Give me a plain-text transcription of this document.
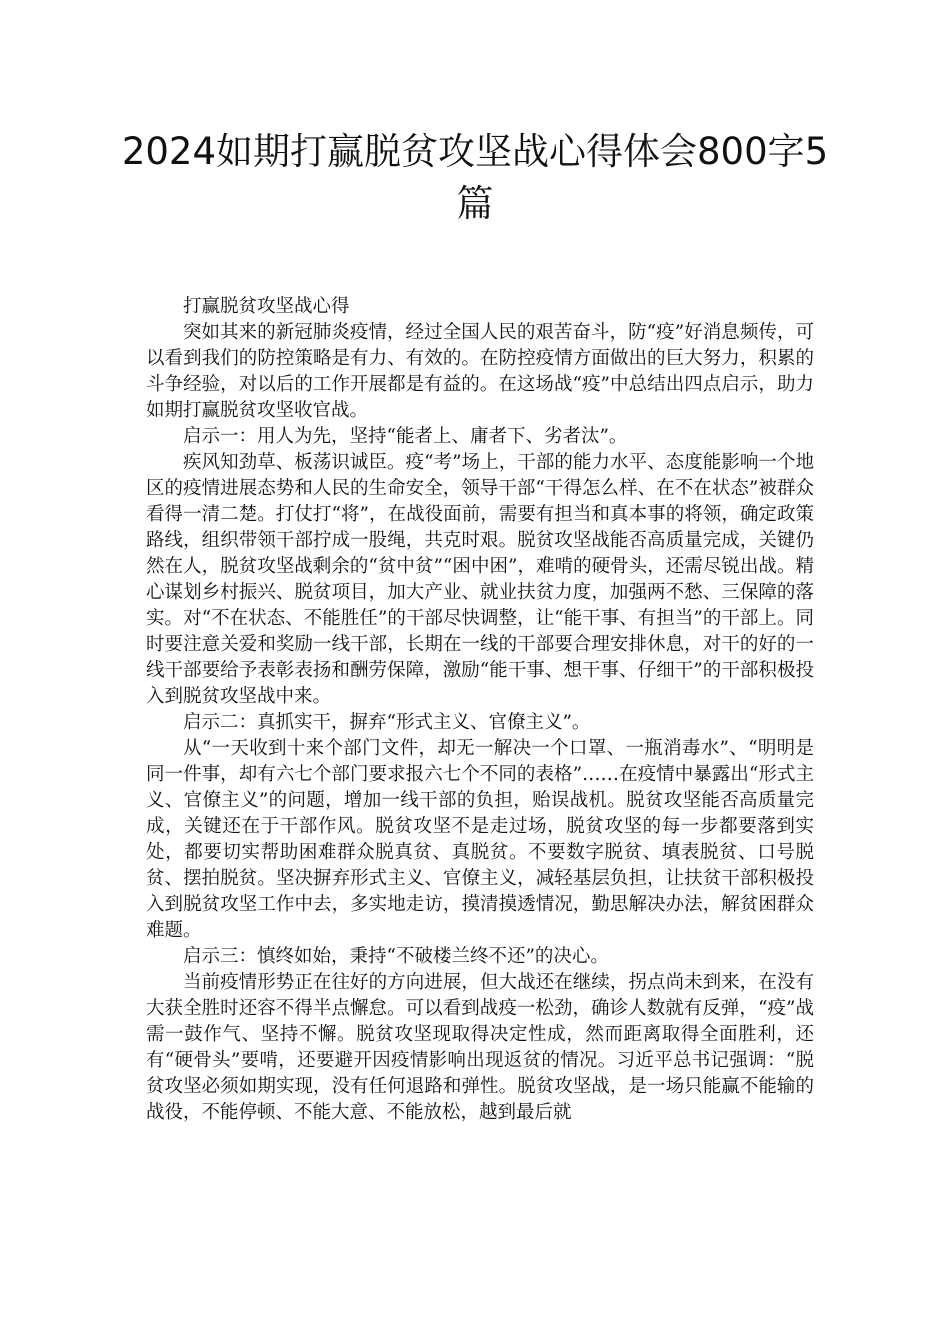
2024如期打赢脱贫攻坚战心得体会800字5篇

打赢脱贫攻坚战心得

突如其来的新冠肺炎疫情，经过全国人民的艰苦奋斗，防“疫”好消息频传，可以看到我们的防控策略是有力、有效的。在防控疫情方面做出的巨大努力，积累的斗争经验，对以后的工作开展都是有益的。在这场战“疫”中总结出四点启示，助力如期打赢脱贫攻坚收官战。

启示一：用人为先，坚持“能者上、庸者下、劣者汰”。

疾风知劲草、板荡识诚臣。疫“考”场上，干部的能力水平、态度能影响一个地区的疫情进展态势和人民的生命安全，领导干部“干得怎么样、在不在状态”被群众看得一清二楚。打仗打“将”，在战役面前，需要有担当和真本事的将领，确定政策路线，组织带领干部拧成一股绳，共克时艰。脱贫攻坚战能否高质量完成，关键仍然在人，脱贫攻坚战剩余的“贫中贫”“困中困”，难啃的硬骨头，还需尽锐出战。精心谋划乡村振兴、脱贫项目，加大产业、就业扶贫力度，加强两不愁、三保障的落实。对“不在状态、不能胜任”的干部尽快调整，让“能干事、有担当”的干部上。同时要注意关爱和奖励一线干部，长期在一线的干部要合理安排休息，对干的好的一线干部要给予表彰表扬和酬劳保障，激励“能干事、想干事、仔细干”的干部积极投入到脱贫攻坚战中来。

启示二：真抓实干，摒弃“形式主义、官僚主义”。

从“一天收到十来个部门文件，却无一解决一个口罩、一瓶消毒水”、“明明是同一件事，却有六七个部门要求报六七个不同的表格”……在疫情中暴露出“形式主义、官僚主义”的问题，增加一线干部的负担，贻误战机。脱贫攻坚能否高质量完成，关键还在于干部作风。脱贫攻坚不是走过场，脱贫攻坚的每一步都要落到实处，都要切实帮助困难群众脱真贫、真脱贫。不要数字脱贫、填表脱贫、口号脱贫、摆拍脱贫。坚决摒弃形式主义、官僚主义，减轻基层负担，让扶贫干部积极投入到脱贫攻坚工作中去，多实地走访，摸清摸透情况，勤思解决办法，解贫困群众难题。

启示三：慎终如始，秉持“不破楼兰终不还”的决心。

当前疫情形势正在往好的方向进展，但大战还在继续，拐点尚未到来，在没有大获全胜时还容不得半点懈怠。可以看到战疫一松劲，确诊人数就有反弹，“疫”战需一鼓作气、坚持不懈。脱贫攻坚现取得决定性成，然而距离取得全面胜利，还有“硬骨头”要啃，还要避开因疫情影响出现返贫的情况。习近平总书记强调：“脱贫攻坚必须如期实现，没有任何退路和弹性。脱贫攻坚战，是一场只能赢不能输的战役，不能停顿、不能大意、不能放松，越到最后就
